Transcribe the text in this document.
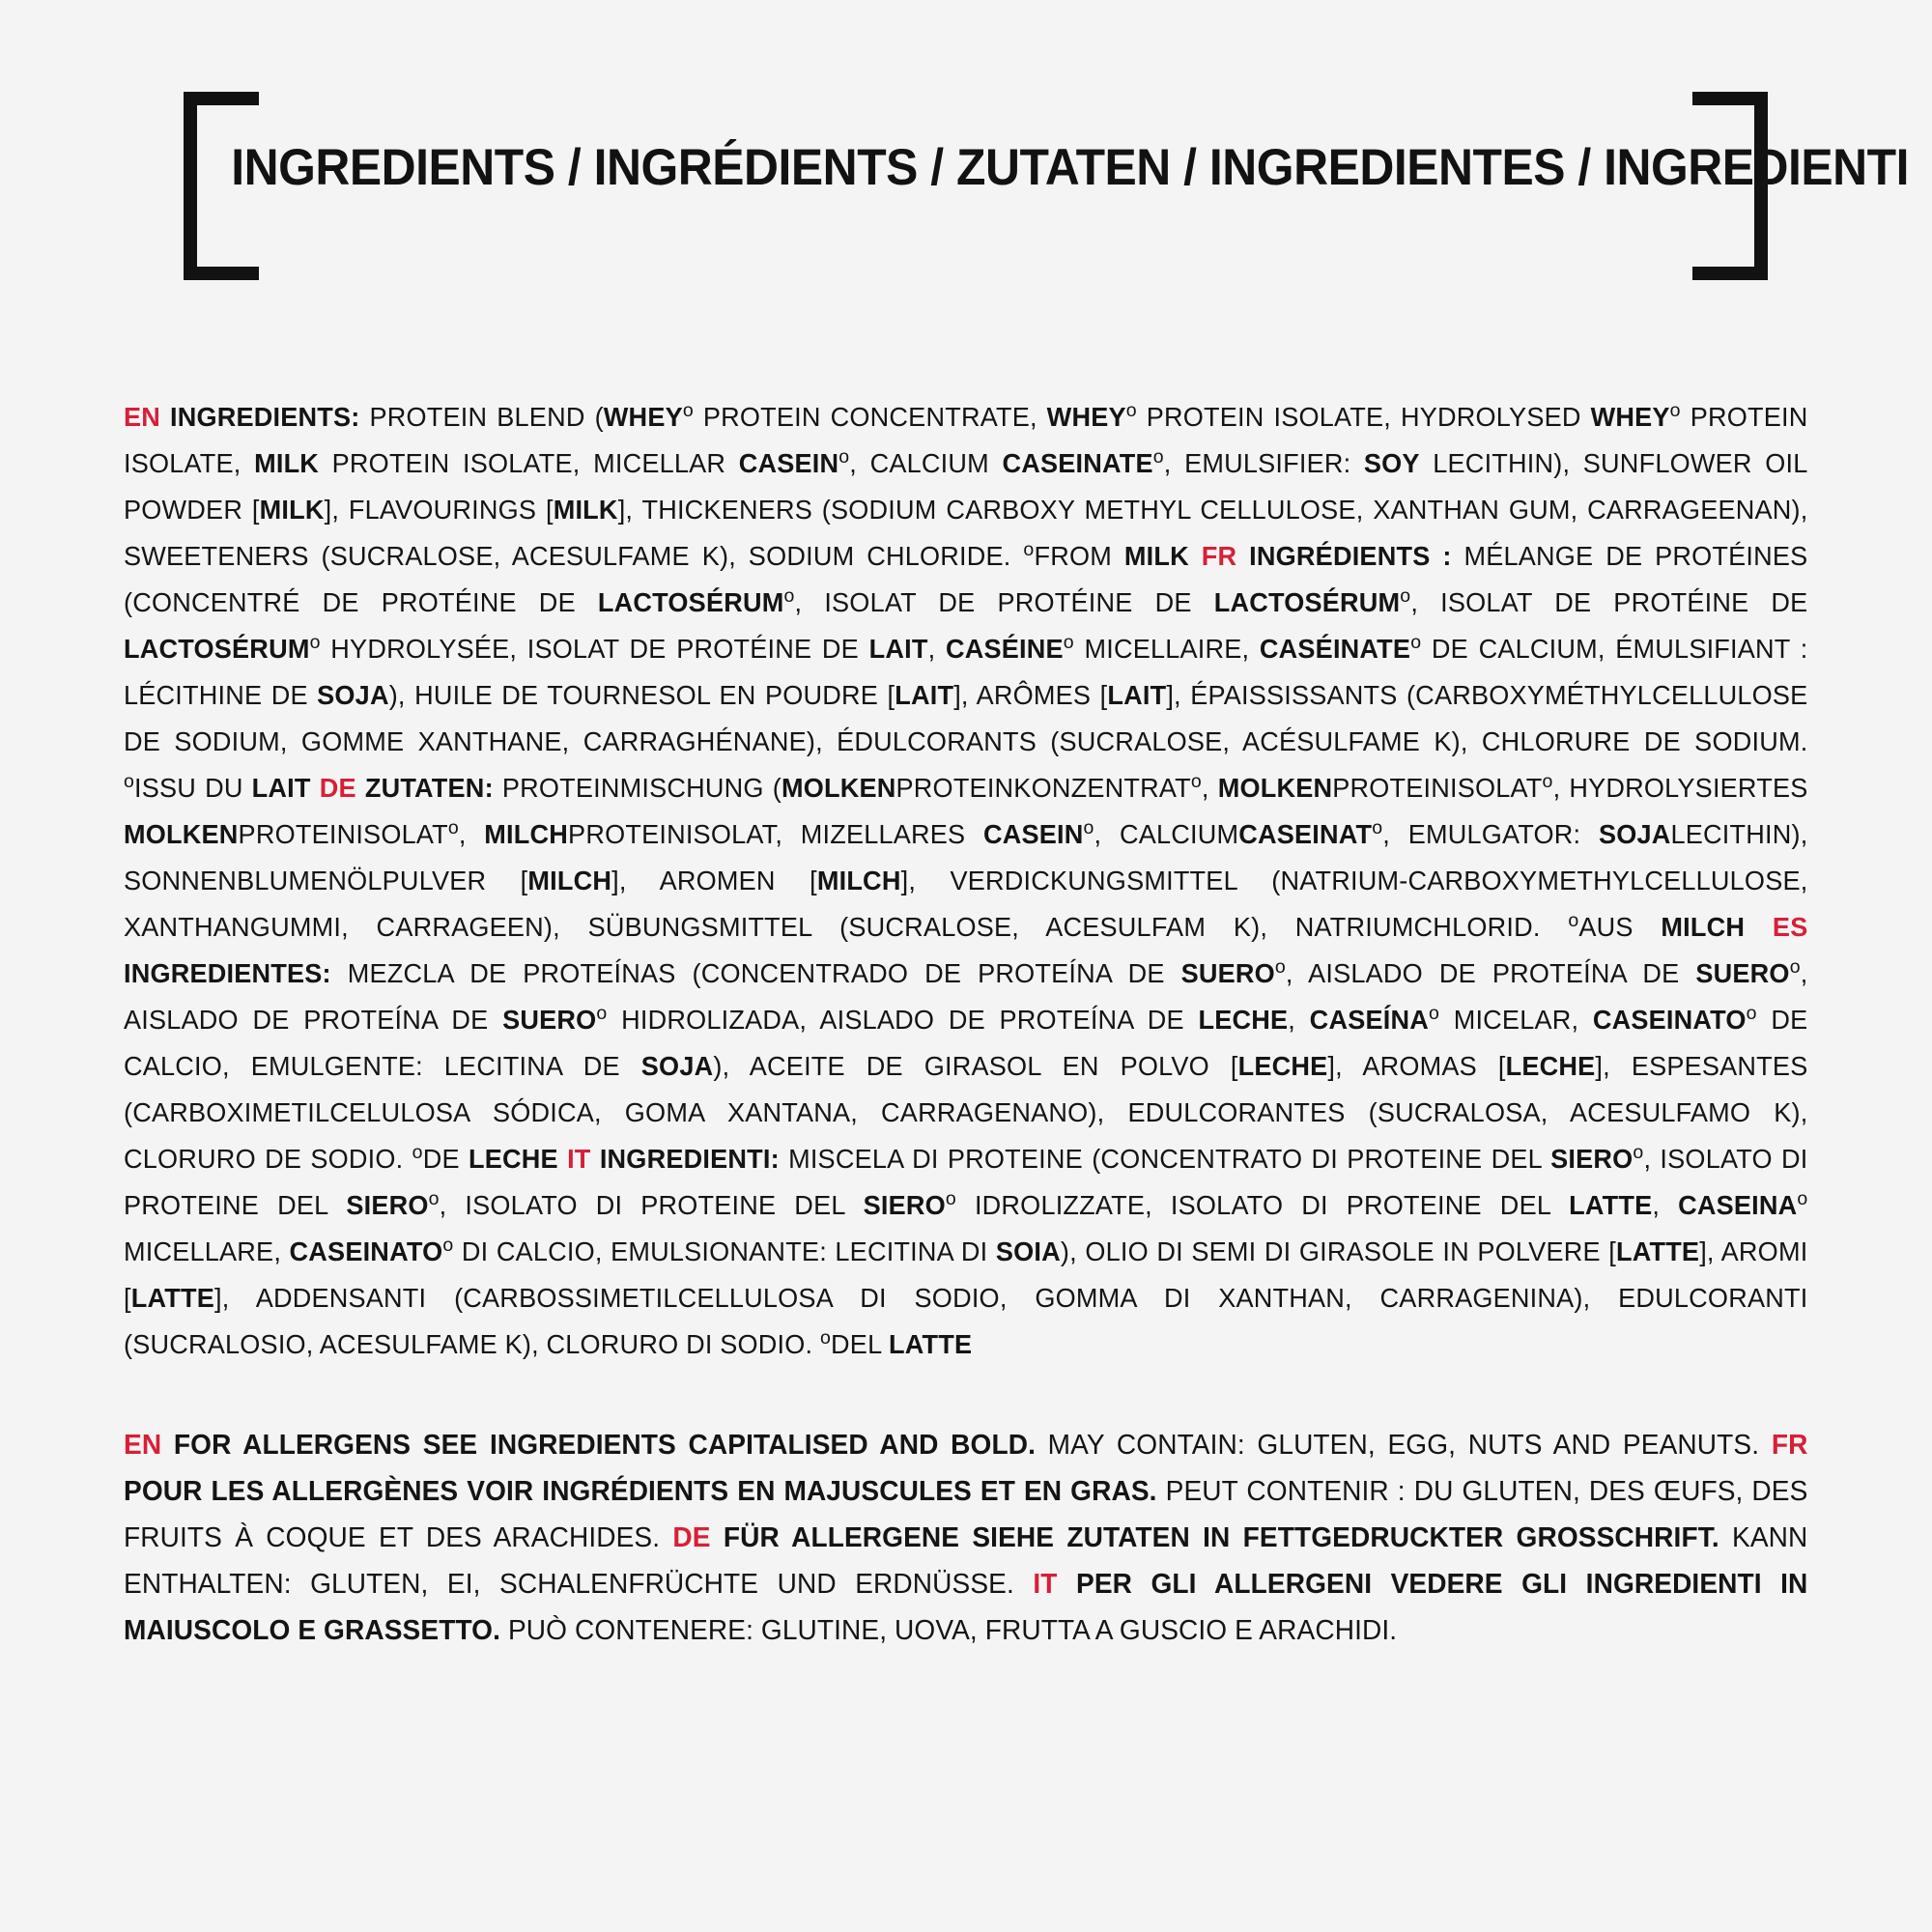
INGREDIENTS / INGRÉDIENTS / ZUTATEN / INGREDIENTES / INGREDIENTI
EN INGREDIENTS: PROTEIN BLEND (WHEY$^o$ PROTEIN CONCENTRATE, WHEY$^o$ PROTEIN ISOLATE, HYDROLYSED WHEY$^o$ PROTEIN ISOLATE, MILK PROTEIN ISOLATE, MICELLAR CASEIN$^o$, CALCIUM CASEINATE$^o$, EMULSIFIER: SOY LECITHIN), SUNFLOWER OIL POWDER [MILK], FLAVOURINGS [MILK], THICKENERS (SODIUM CARBOXY METHYL CELLULOSE, XANTHAN GUM, CARRAGEENAN), SWEETENERS (SUCRALOSE, ACESULFAME K), SODIUM CHLORIDE. $^o$FROM MILK FR INGRÉDIENTS : MÉLANGE DE PROTÉINES (CONCENTRÉ DE PROTÉINE DE LACTOSÉRUM$^o$, ISOLAT DE PROTÉINE DE LACTOSÉRUM$^o$, ISOLAT DE PROTÉINE DE LACTOSÉRUM$^o$ HYDROLYSÉE, ISOLAT DE PROTÉINE DE LAIT, CASÉINE$^o$ MICELLAIRE, CASÉINATE$^o$ DE CALCIUM, ÉMULSIFIANT : LÉCITHINE DE SOJA), HUILE DE TOURNESOL EN POUDRE [LAIT], ARÔMES [LAIT], ÉPAISSISSANTS (CARBOXYMÉTHYLCELLULOSE DE SODIUM, GOMME XANTHANE, CARRAGHÉNANE), ÉDULCORANTS (SUCRALOSE, ACÉSULFAME K), CHLORURE DE SODIUM. $^o$ISSU DU LAIT DE ZUTATEN: PROTEINMISCHUNG (MOLKENPROTEINKONZENTRAT$^o$, MOLKENPROTEINISOLAT$^o$, HYDROLYSIERTES MOLKENPROTEINISOLAT$^o$, MILCHPROTEINISOLAT, MIZELLARES CASEIN$^o$, CALCIUMCASEINAT$^o$, EMULGATOR: SOJALECITHIN), SONNENBLUMENÖLPULVER [MILCH], AROMEN [MILCH], VERDICKUNGSMITTEL (NATRIUM-CARBOXYMETHYLCELLULOSE, XANTHANGUMMI, CARRAGEEN), SÜBUNGSMITTEL (SUCRALOSE, ACESULFAM K), NATRIUMCHLORID. $^o$AUS MILCH ES INGREDIENTES: MEZCLA DE PROTEÍNAS (CONCENTRADO DE PROTEÍNA DE SUERO$^o$, AISLADO DE PROTEÍNA DE SUERO$^o$, AISLADO DE PROTEÍNA DE SUERO$^o$ HIDROLIZADA, AISLADO DE PROTEÍNA DE LECHE, CASEÍNA$^o$ MICELAR, CASEINATO$^o$ DE CALCIO, EMULGENTE: LECITINA DE SOJA), ACEITE DE GIRASOL EN POLVO [LECHE], AROMAS [LECHE], ESPESANTES (CARBOXIMETILCELULOSA SÓDICA, GOMA XANTANA, CARRAGENANO), EDULCORANTES (SUCRALOSA, ACESULFAMO K), CLORURO DE SODIO. $^o$DE LECHE IT INGREDIENTI: MISCELA DI PROTEINE (CONCENTRATO DI PROTEINE DEL SIERO$^o$, ISOLATO DI PROTEINE DEL SIERO$^o$, ISOLATO DI PROTEINE DEL SIERO$^o$ IDROLIZZATE, ISOLATO DI PROTEINE DEL LATTE, CASEINA$^o$ MICELLARE, CASEINATO$^o$ DI CALCIO, EMULSIONANTE: LECITINA DI SOIA), OLIO DI SEMI DI GIRASOLE IN POLVERE [LATTE], AROMI [LATTE], ADDENSANTI (CARBOSSIMETILCELLULOSA DI SODIO, GOMMA DI XANTHAN, CARRAGENINA), EDULCORANTI (SUCRALOSIO, ACESULFAME K), CLORURO DI SODIO. $^o$DEL LATTE
EN FOR ALLERGENS SEE INGREDIENTS CAPITALISED AND BOLD. MAY CONTAIN: GLUTEN, EGG, NUTS AND PEANUTS. FR POUR LES ALLERGÈNES VOIR INGRÉDIENTS EN MAJUSCULES ET EN GRAS. PEUT CONTENIR : DU GLUTEN, DES ŒUFS, DES FRUITS À COQUE ET DES ARACHIDES. DE FÜR ALLERGENE SIEHE ZUTATEN IN FETTGEDRUCKTER GROSSCHRIFT. KANN ENTHALTEN: GLUTEN, EI, SCHALENFRÜCHTE UND ERDNÜSSE. IT PER GLI ALLERGENI VEDERE GLI INGREDIENTI IN MAIUSCOLO E GRASSETTO. PUÒ CONTENERE: GLUTINE, UOVA, FRUTTA A GUSCIO E ARACHIDI.
